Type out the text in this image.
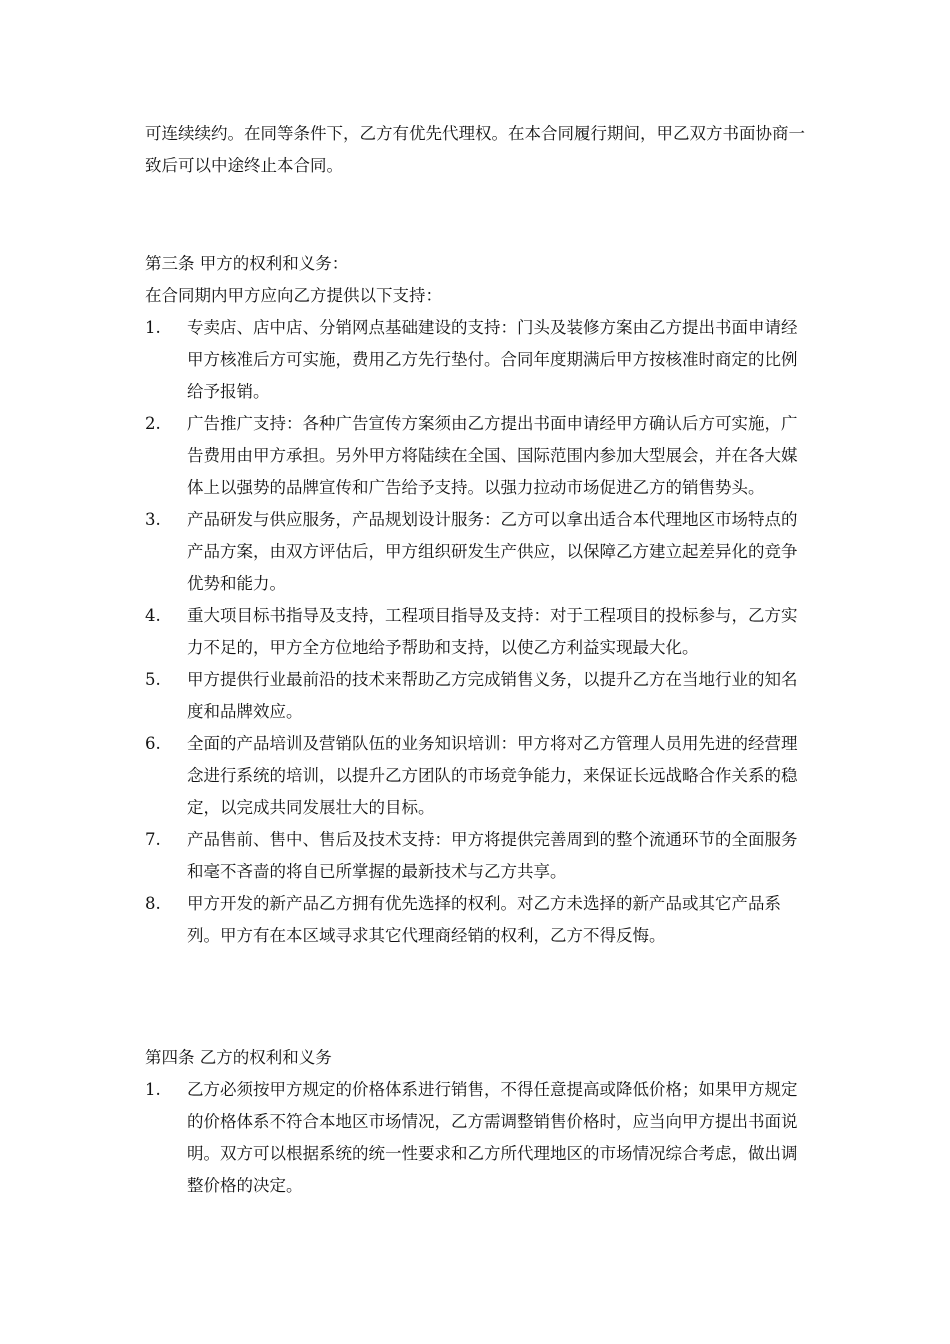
可连续续约。在同等条件下，乙方有优先代理权。在本合同履行期间，甲乙双方书面协商一致后可以中途终止本合同。

第三条 甲方的权利和义务：

在合同期内甲方应向乙方提供以下支持：

1.	专卖店、店中店、分销网点基础建设的支持：门头及装修方案由乙方提出书面申请经甲方核准后方可实施，费用乙方先行垫付。合同年度期满后甲方按核准时商定的比例给予报销。
2.	广告推广支持：各种广告宣传方案须由乙方提出书面申请经甲方确认后方可实施，广告费用由甲方承担。另外甲方将陆续在全国、国际范围内参加大型展会，并在各大媒体上以强势的品牌宣传和广告给予支持。以强力拉动市场促进乙方的销售势头。
3.	产品研发与供应服务，产品规划设计服务：乙方可以拿出适合本代理地区市场特点的产品方案，由双方评估后，甲方组织研发生产供应，以保障乙方建立起差异化的竞争优势和能力。
4.	重大项目标书指导及支持，工程项目指导及支持：对于工程项目的投标参与，乙方实力不足的，甲方全方位地给予帮助和支持，以使乙方利益实现最大化。
5.	甲方提供行业最前沿的技术来帮助乙方完成销售义务，以提升乙方在当地行业的知名度和品牌效应。
6.	全面的产品培训及营销队伍的业务知识培训：甲方将对乙方管理人员用先进的经营理念进行系统的培训，以提升乙方团队的市场竞争能力，来保证长远战略合作关系的稳定，以完成共同发展壮大的目标。
7.	产品售前、售中、售后及技术支持：甲方将提供完善周到的整个流通环节的全面服务和毫不吝啬的将自已所掌握的最新技术与乙方共享。
8.	甲方开发的新产品乙方拥有优先选择的权利。对乙方未选择的新产品或其它产品系列。甲方有在本区域寻求其它代理商经销的权利，乙方不得反悔。

第四条 乙方的权利和义务

1.	乙方必须按甲方规定的价格体系进行销售，不得任意提高或降低价格；如果甲方规定的价格体系不符合本地区市场情况，乙方需调整销售价格时，应当向甲方提出书面说明。双方可以根据系统的统一性要求和乙方所代理地区的市场情况综合考虑，做出调整价格的决定。
